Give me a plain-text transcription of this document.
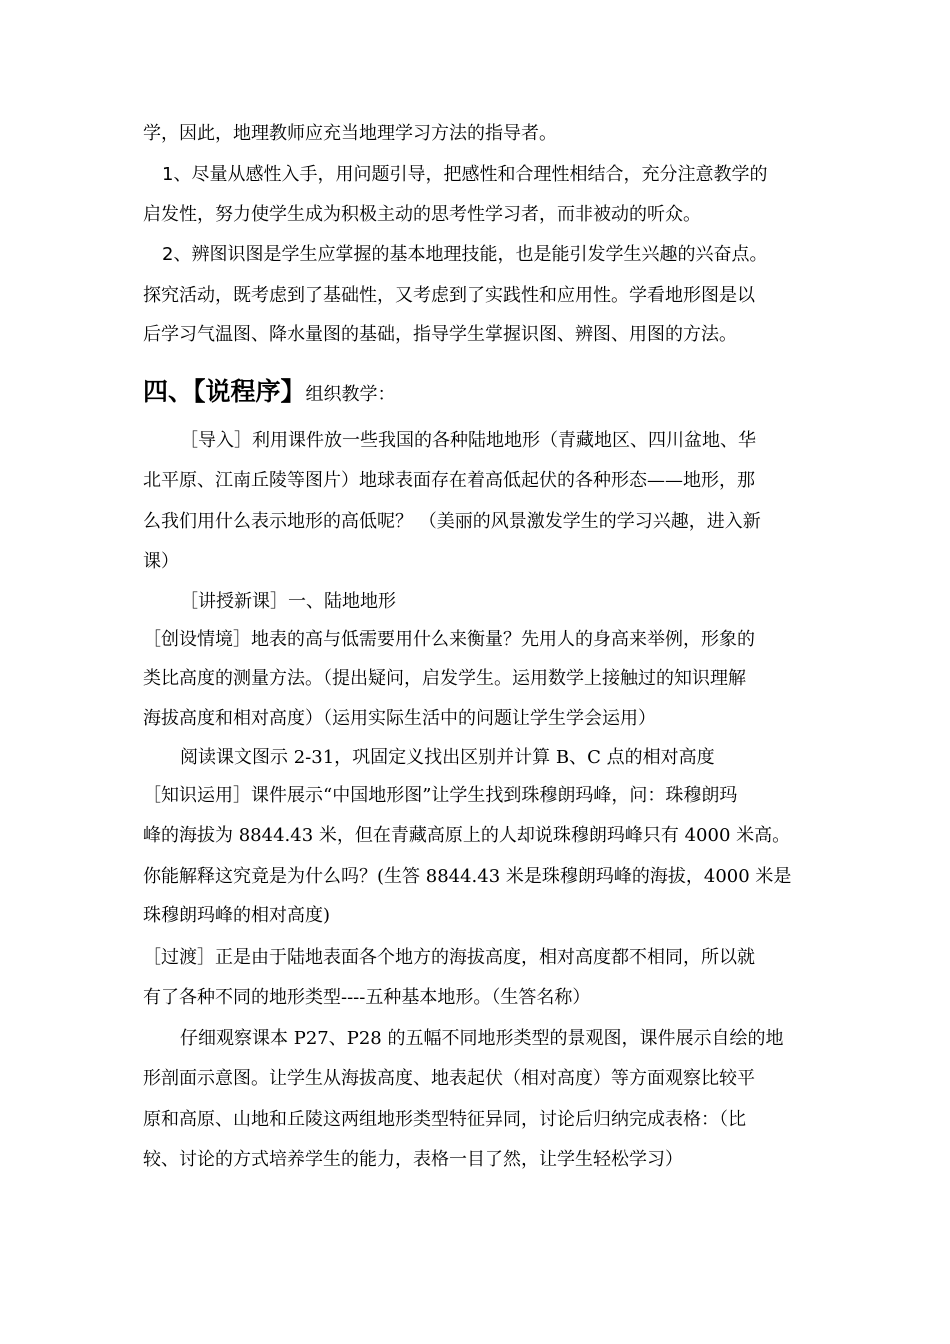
学，因此，地理教师应充当地理学习方法的指导者。
1、尽量从感性入手，用问题引导，把感性和合理性相结合，充分注意教学的
启发性，努力使学生成为积极主动的思考性学习者，而非被动的听众。
2、辨图识图是学生应掌握的基本地理技能，也是能引发学生兴趣的兴奋点。
探究活动，既考虑到了基础性，又考虑到了实践性和应用性。学看地形图是以
后学习气温图、降水量图的基础，指导学生掌握识图、辨图、用图的方法。
四、【说程序】组织教学：
［导入］利用课件放一些我国的各种陆地地形（青藏地区、四川盆地、华
北平原、江南丘陵等图片）地球表面存在着高低起伏的各种形态——地形，那
么我们用什么表示地形的高低呢？ （美丽的风景激发学生的学习兴趣，进入新
课）
［讲授新课］一、陆地地形
［创设情境］地表的高与低需要用什么来衡量？先用人的身高来举例，形象的
类比高度的测量方法。（提出疑问，启发学生。运用数学上接触过的知识理解
海拔高度和相对高度）（运用实际生活中的问题让学生学会运用）
阅读课文图示 2-31，巩固定义找出区别并计算 B、C 点的相对高度
［知识运用］课件展示“中国地形图”让学生找到珠穆朗玛峰，问：珠穆朗玛
峰的海拔为 8844.43 米，但在青藏高原上的人却说珠穆朗玛峰只有 4000 米高。
你能解释这究竟是为什么吗？(生答 8844.43 米是珠穆朗玛峰的海拔，4000 米是
珠穆朗玛峰的相对高度)
［过渡］正是由于陆地表面各个地方的海拔高度，相对高度都不相同，所以就
有了各种不同的地形类型----五种基本地形。（生答名称）
仔细观察课本 P27、P28 的五幅不同地形类型的景观图，课件展示自绘的地
形剖面示意图。让学生从海拔高度、地表起伏（相对高度）等方面观察比较平
原和高原、山地和丘陵这两组地形类型特征异同，讨论后归纳完成表格：（比
较、讨论的方式培养学生的能力，表格一目了然，让学生轻松学习）
